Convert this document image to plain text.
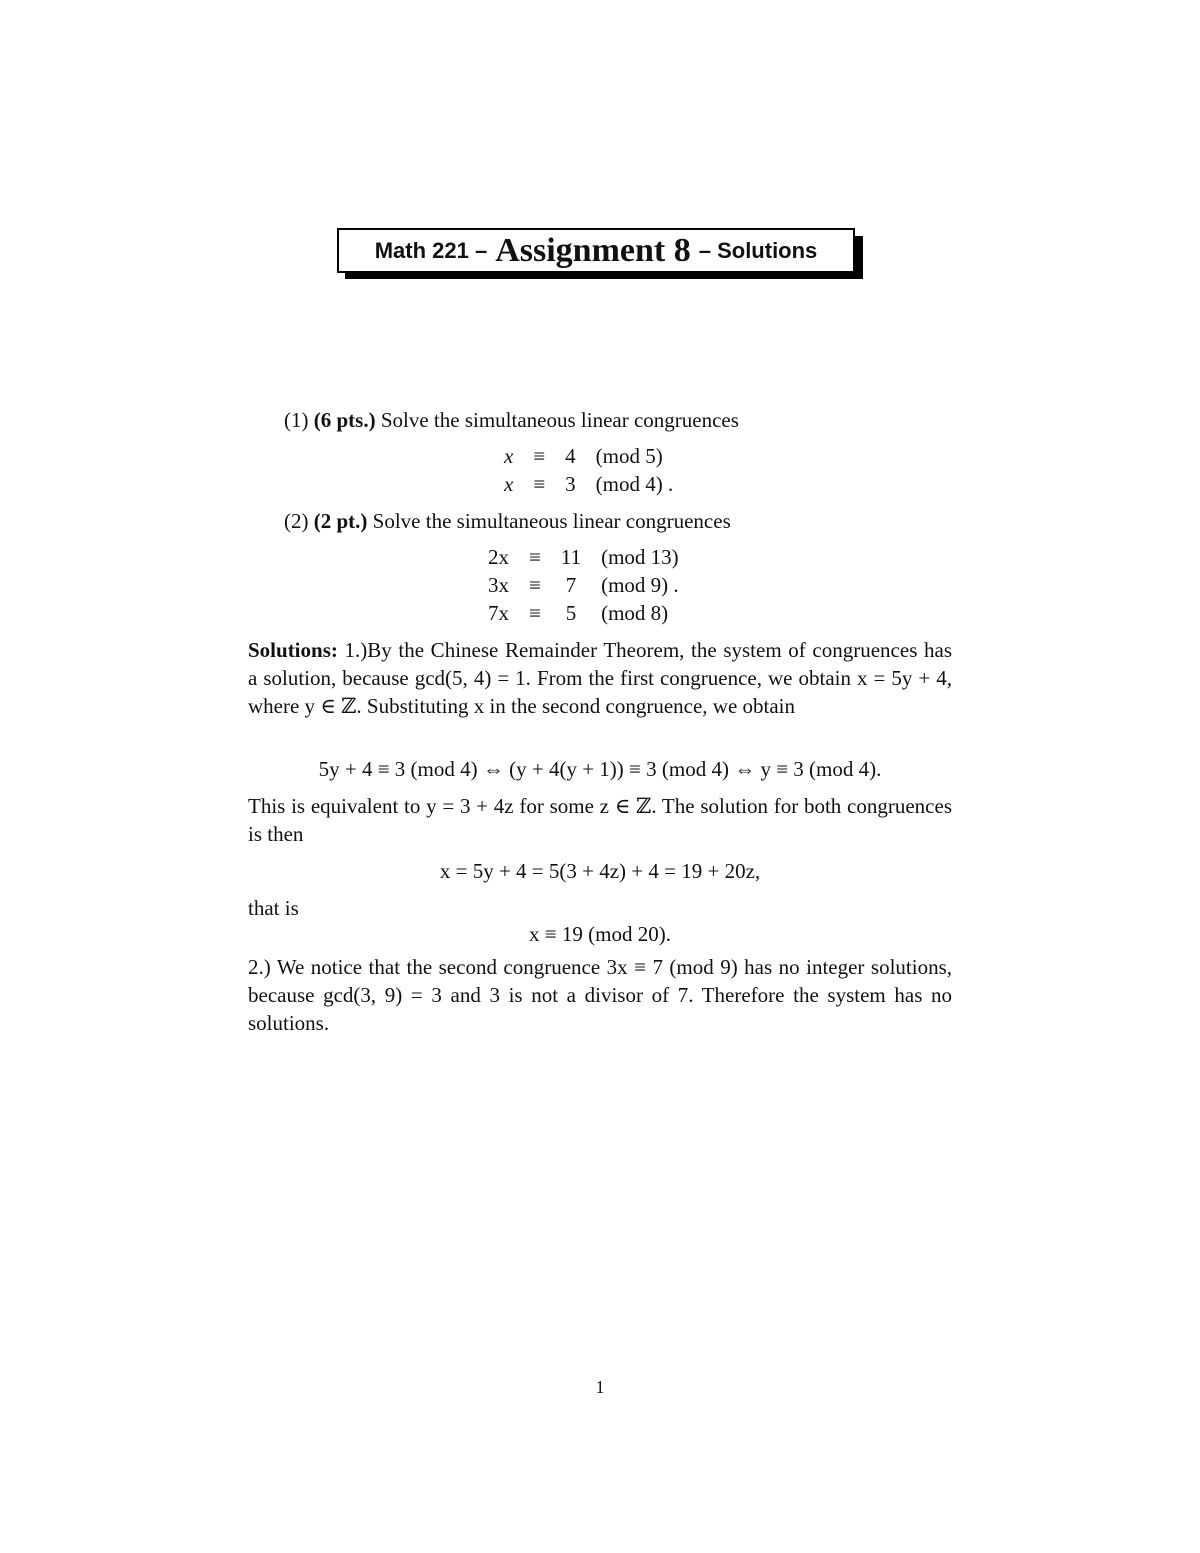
Math 221 – Assignment 8 – Solutions
(1) (6 pts.) Solve the simultaneous linear congruences
x	≡	4	(mod 5)
x	≡	3	(mod 4) .
(2) (2 pt.) Solve the simultaneous linear congruences
2x	≡	11	(mod 13)
3x	≡	7	(mod 9) .
7x	≡	5	(mod 8)
Solutions: 1.)By the Chinese Remainder Theorem, the system of congruences has a solution, because gcd(5, 4) = 1. From the first congruence, we obtain x = 5y + 4, where y ∈ ℤ. Substituting x in the second congruence, we obtain
5y + 4 ≡ 3 (mod 4) ⇔ (y + 4(y + 1)) ≡ 3 (mod 4) ⇔ y ≡ 3 (mod 4).
This is equivalent to y = 3 + 4z for some z ∈ ℤ. The solution for both congruences is then
x = 5y + 4 = 5(3 + 4z) + 4 = 19 + 20z,
that is
x ≡ 19 (mod 20).
2.) We notice that the second congruence 3x ≡ 7 (mod 9) has no integer solutions, because gcd(3, 9) = 3 and 3 is not a divisor of 7. Therefore the system has no solutions.
1
